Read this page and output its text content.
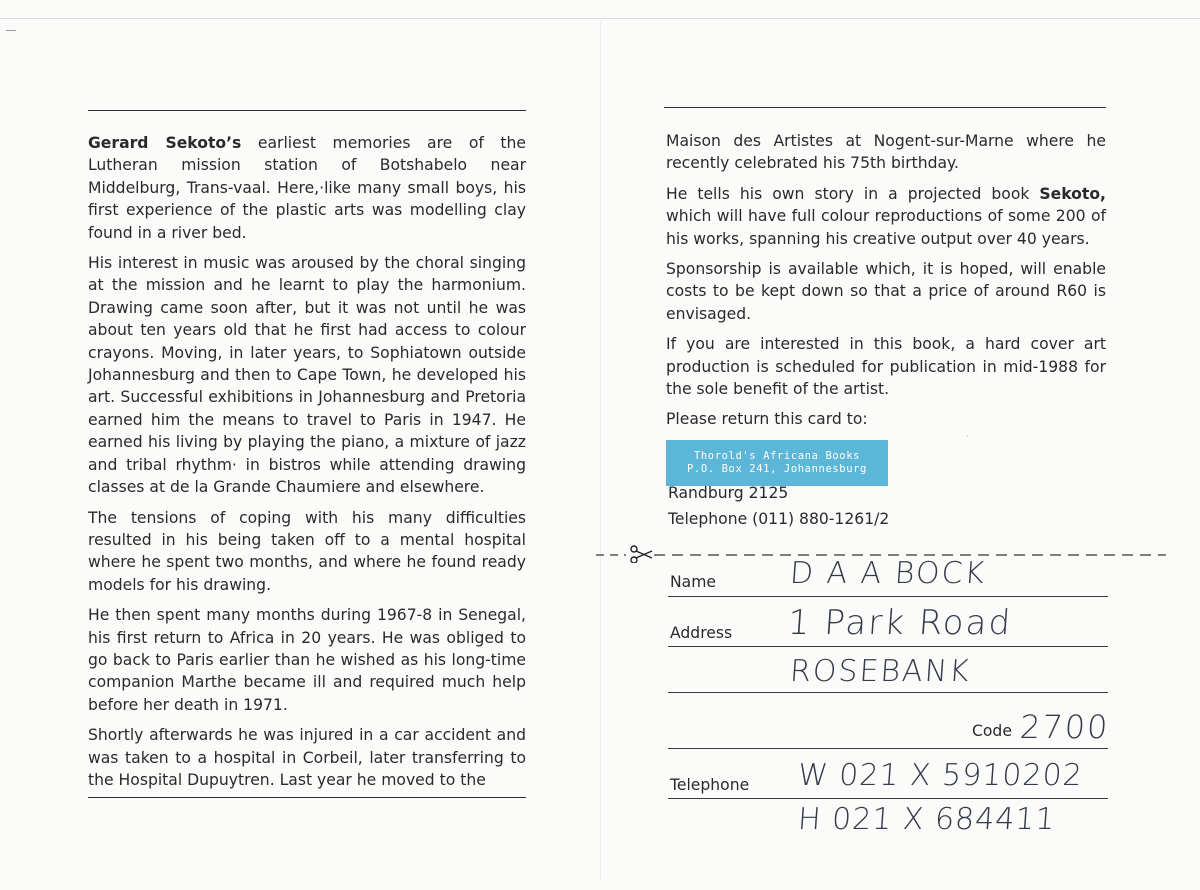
Gerard Sekoto’s earliest memories are of the Lutheran mission station of Botshabelo near Middelburg, Trans-vaal. Here,·like many small boys, his first experience of the plastic arts was modelling clay found in a river bed.

His interest in music was aroused by the choral singing at the mission and he learnt to play the harmonium. Drawing came soon after, but it was not until he was about ten years old that he first had access to colour crayons. Moving, in later years, to Sophiatown outside Johannesburg and then to Cape Town, he developed his art. Successful exhibitions in Johannesburg and Pretoria earned him the means to travel to Paris in 1947. He earned his living by playing the piano, a mixture of jazz and tribal rhythm· in bistros while attending drawing classes at de la Grande Chaumiere and elsewhere.

The tensions of coping with his many difficulties resulted in his being taken off to a mental hospital where he spent two months, and where he found ready models for his drawing.

He then spent many months during 1967-8 in Senegal, his first return to Africa in 20 years. He was obliged to go back to Paris earlier than he wished as his long-time companion Marthe became ill and required much help before her death in 1971.

Shortly afterwards he was injured in a car accident and was taken to a hospital in Corbeil, later transferring to the Hospital Dupuytren. Last year he moved to the

Maison des Artistes at Nogent-sur-Marne where he recently celebrated his 75th birthday.

He tells his own story in a projected book Sekoto, which will have full colour reproductions of some 200 of his works, spanning his creative output over 40 years.

Sponsorship is available which, it is hoped, will enable costs to be kept down so that a price of around R60 is envisaged.

If you are interested in this book, a hard cover art production is scheduled for publication in mid-1988 for the sole benefit of the artist.

Please return this card to:

Thorold's Africana Books
P.O. Box 241, Johannesburg
Randburg 2125
Telephone (011) 880-1261/2
·
Name D A A BOCK
Address 1 Park Road
ROSEBANK
Code 2700
Telephone W 021 X 5910202
H 021 X 684411
